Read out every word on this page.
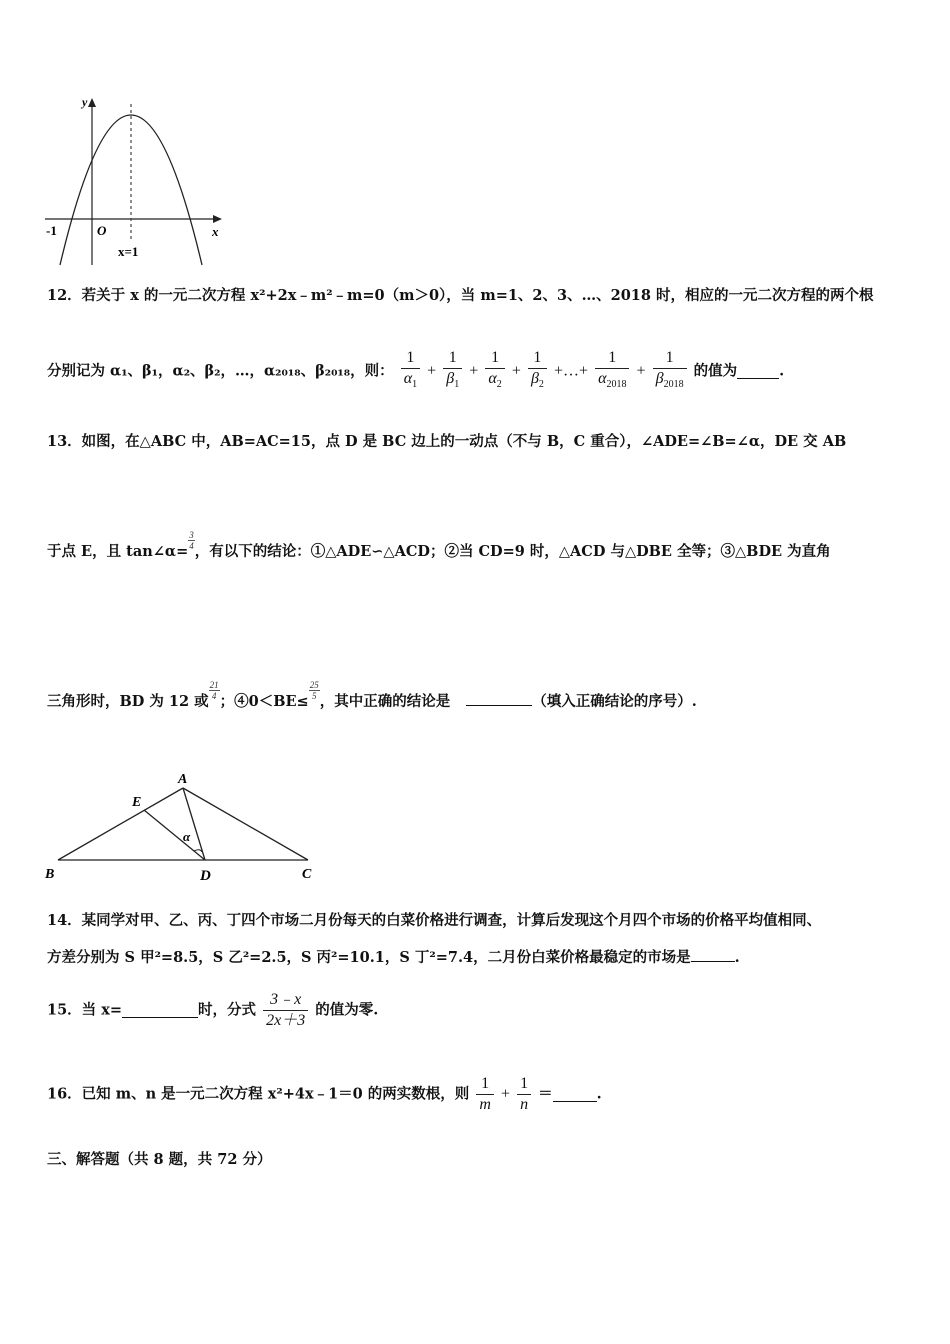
y
x
O
-1
x=1
12．若关于 x 的一元二次方程 x²+2x﹣m²﹣m=0（m＞0），当 m=1、2、3、…、2018 时，相应的一元二次方程的两个根
分别记为 α₁、β₁，α₂、β₂，…，α₂₀₁₈、β₂₀₁₈，则： $\frac{1}{\alpha_1} + \frac{1}{\beta_1} + \frac{1}{\alpha_2} + \frac{1}{\beta_2}$ +…+ $\frac{1}{\alpha_{2018}} + \frac{1}{\beta_{2018}}$ 的值为	.
13．如图，在△ABC 中，AB=AC=15，点 D 是 BC 边上的一动点（不与 B，C 重合），∠ADE=∠B=∠α，DE 交 AB
于点 E，且 tan∠α=
$\frac{3}{4}$
，有以下的结论：①△ADE∽△ACD；②当 CD=9 时，△ACD 与△DBE 全等；③△BDE 为直角
三角形时，BD 为 12 或
$\frac{21}{4}$
；④0＜BE≤
$\frac{25}{5}$
，其中正确的结论是	（填入正确结论的序号）.
A
B	C
D
E
α
14．某同学对甲、乙、丙、丁四个市场二月份每天的白菜价格进行调查，计算后发现这个月四个市场的价格平均值相同、
方差分别为 S 甲²=8.5，S 乙²=2.5，S 丙²=10.1，S 丁²=7.4，二月份白菜价格最稳定的市场是	.
15．当 x=	时，分式 $\frac{3﹣x}{2x+3}$ 的值为零.
16．已知 m、n 是一元二次方程 x²+4x﹣1＝0 的两实数根，则 $\frac{1}{m} + \frac{1}{n}$ ＝	.
三、解答题（共 8 题，共 72 分）
